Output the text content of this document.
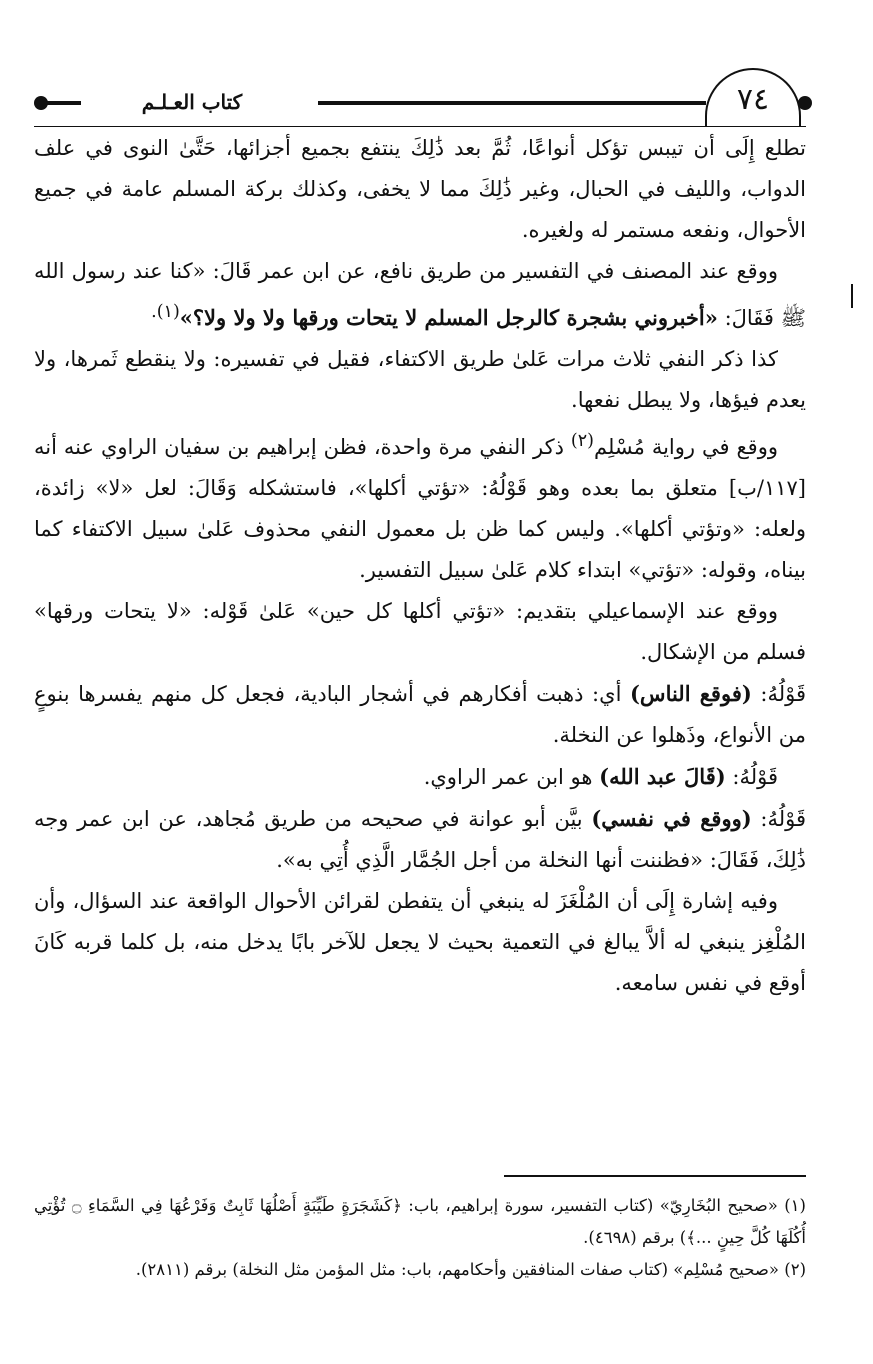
٧٤
كتاب العـلـم

تطلع إِلَى أن تيبس تؤكل أنواعًا، ثُمَّ بعد ذَٰلِكَ ينتفع بجميع أجزائها، حَتَّىٰ النوى في علف الدواب، والليف في الحبال، وغير ذَٰلِكَ مما لا يخفى، وكذلك بركة المسلم عامة في جميع الأحوال، ونفعه مستمر له ولغيره.

ووقع عند المصنف في التفسير من طريق نافع، عن ابن عمر قَالَ: «كنا عند رسول الله ﷺ فَقَالَ: «أخبروني بشجرة كالرجل المسلم لا يتحات ورقها ولا ولا ولا؟»$^{(١).}$

كذا ذكر النفي ثلاث مرات عَلىٰ طريق الاكتفاء، فقيل في تفسيره: ولا ينقطع ثَمرها، ولا يعدم فيؤها، ولا يبطل نفعها.

ووقع في رواية مُسْلِم$^{(٢)}$ ذكر النفي مرة واحدة، فظن إبراهيم بن سفيان الراوي عنه أنه [١١٧/ب] متعلق بما بعده وهو قَوْلُهُ: «تؤتي أكلها»، فاستشكله وَقَالَ: لعل «لا» زائدة، ولعله: «وتؤتي أكلها». وليس كما ظن بل معمول النفي محذوف عَلىٰ سبيل الاكتفاء كما بيناه، وقوله: «تؤتي» ابتداء كلام عَلىٰ سبيل التفسير.

ووقع عند الإسماعيلي بتقديم: «تؤتي أكلها كل حين» عَلىٰ قَوْله: «لا يتحات ورقها» فسلم من الإشكال.

قَوْلُهُ: (فوقع الناس) أي: ذهبت أفكارهم في أشجار البادية، فجعل كل منهم يفسرها بنوعٍ من الأنواع، وذَهلوا عن النخلة.

قَوْلُهُ: (قَالَ عبد الله) هو ابن عمر الراوي.

قَوْلُهُ: (ووقع في نفسي) بيَّن أبو عوانة في صحيحه من طريق مُجاهد، عن ابن عمر وجه ذَٰلِكَ، فَقَالَ: «فظننت أنها النخلة من أجل الجُمَّار الَّذِي أُتِي به».

وفيه إشارة إِلَى أن المُلْغَزَ له ينبغي أن يتفطن لقرائن الأحوال الواقعة عند السؤال، وأن المُلْغِز ينبغي له ألاَّ يبالغ في التعمية بحيث لا يجعل للآخر بابًا يدخل منه، بل كلما قربه كَانَ أوقع في نفس سامعه.

(١) «صحيح البُخَارِيّ» (كتاب التفسير، سورة إبراهيم، باب: ﴿كَشَجَرَةٍ طَيِّبَةٍ أَصْلُهَا ثَابِتٌ وَفَرْعُهَا فِي السَّمَاءِ ۝ تُؤْتِي أُكُلَهَا كُلَّ حِينٍ ...﴾) برقم (٤٦٩٨).

(٢) «صحيح مُسْلِم» (كتاب صفات المنافقين وأحكامهم، باب: مثل المؤمن مثل النخلة) برقم (٢٨١١).
